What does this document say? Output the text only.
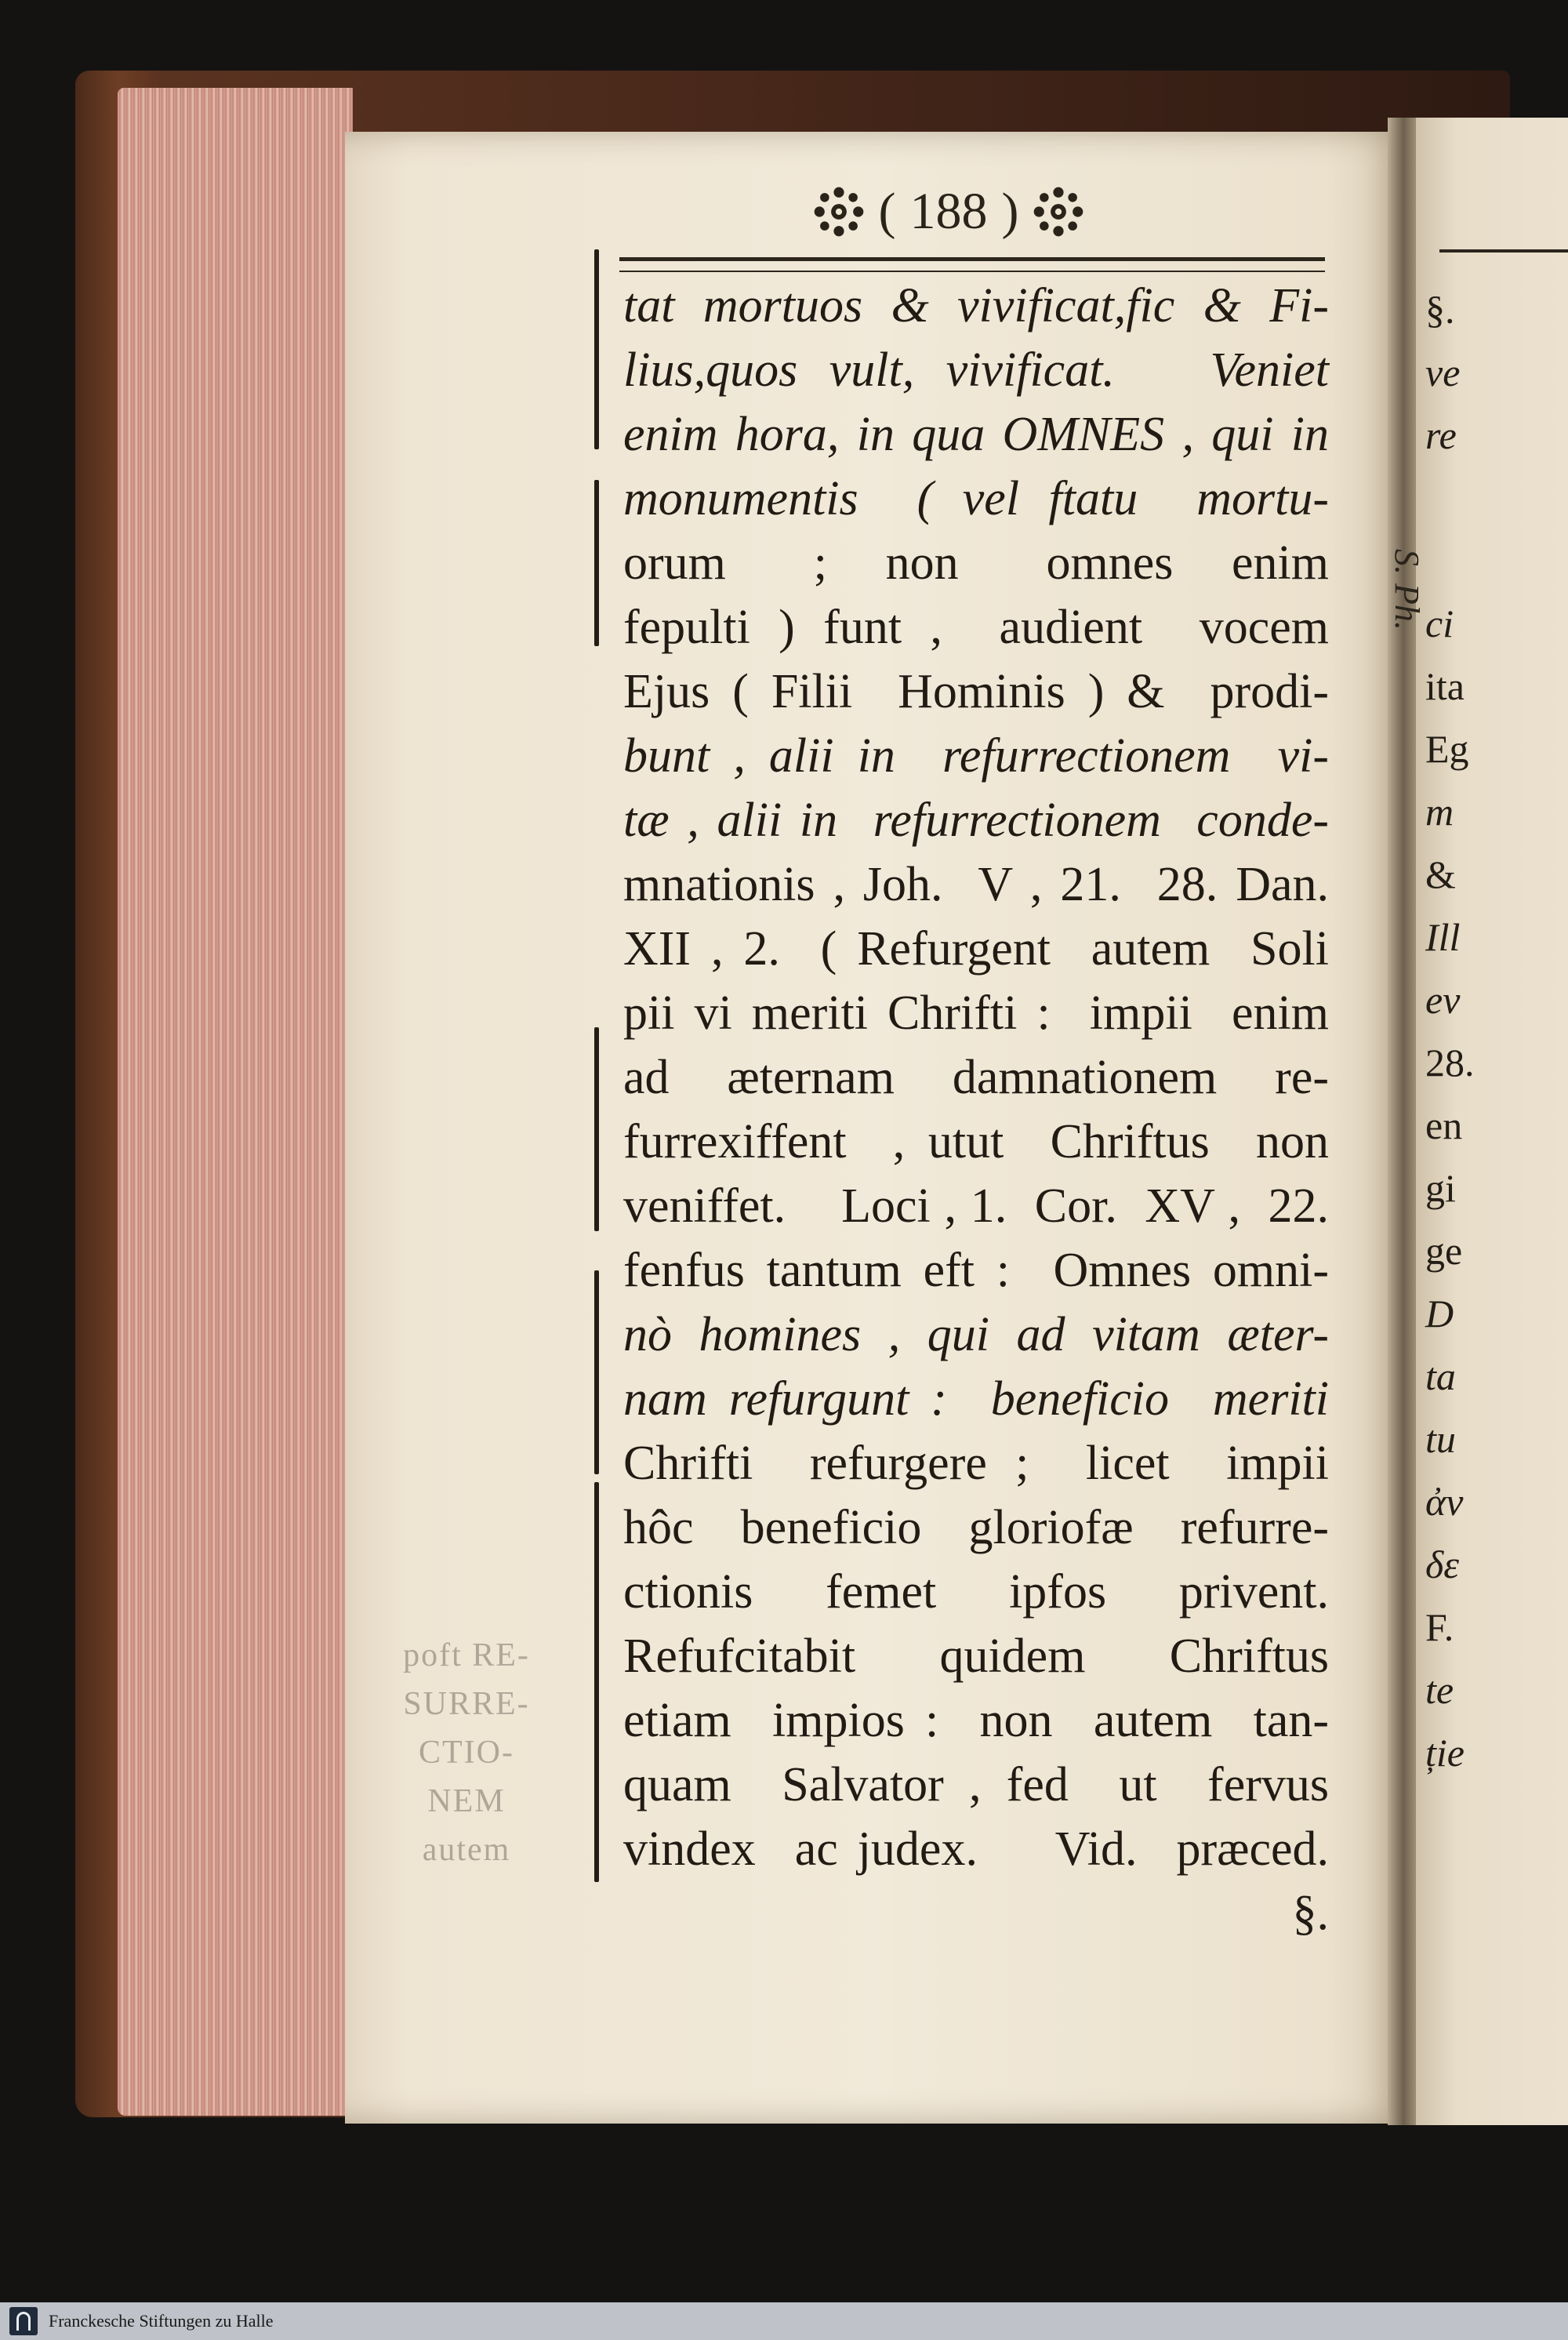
§.
ve
re
ci
ita
Eg
m
&
Ill
ev
28.
en
gi
ge
D
ta
tu
ἀν
δε
F.
te
ție
S. Ph.
( 188 )
tat mortuos & vivificat,fic & Fi-
lius,quos vult, vivificat.   Veniet
enim hora, in qua OMNES , qui in
monumentis  ( vel ftatu  mortu-
orum   ;  non   omnes  enim
fepulti ) funt ,  audient  vocem
Ejus ( Filii  Hominis ) &  prodi-
bunt , alii in  refurrectionem  vi-
tæ , alii in  refurrectionem  conde-
mnationis , Joh.  V , 21.  28. Dan.
XII , 2.  ( Refurgent  autem  Soli
pii vi meriti Chrifti :  impii  enim
ad  æternam  damnationem  re-
furrexiffent  , utut  Chriftus  non
veniffet.    Loci , 1.  Cor.  XV ,  22.
fenfus tantum eft :  Omnes omni-
nò homines , qui ad vitam æter-
nam refurgunt :  beneficio  meriti
Chrifti  refurgere ;  licet  impii
hôc  beneficio  gloriofæ  refurre-
ctionis  femet  ipfos  privent.
Refufcitabit   quidem   Chriftus
etiam  impios :  non  autem  tan-
quam  Salvator , fed  ut  fervus
vindex  ac judex.    Vid.  præced.
§.
poft RE-
SURRE-
CTIO-
NEM
autem
Franckesche Stiftungen zu Halle
